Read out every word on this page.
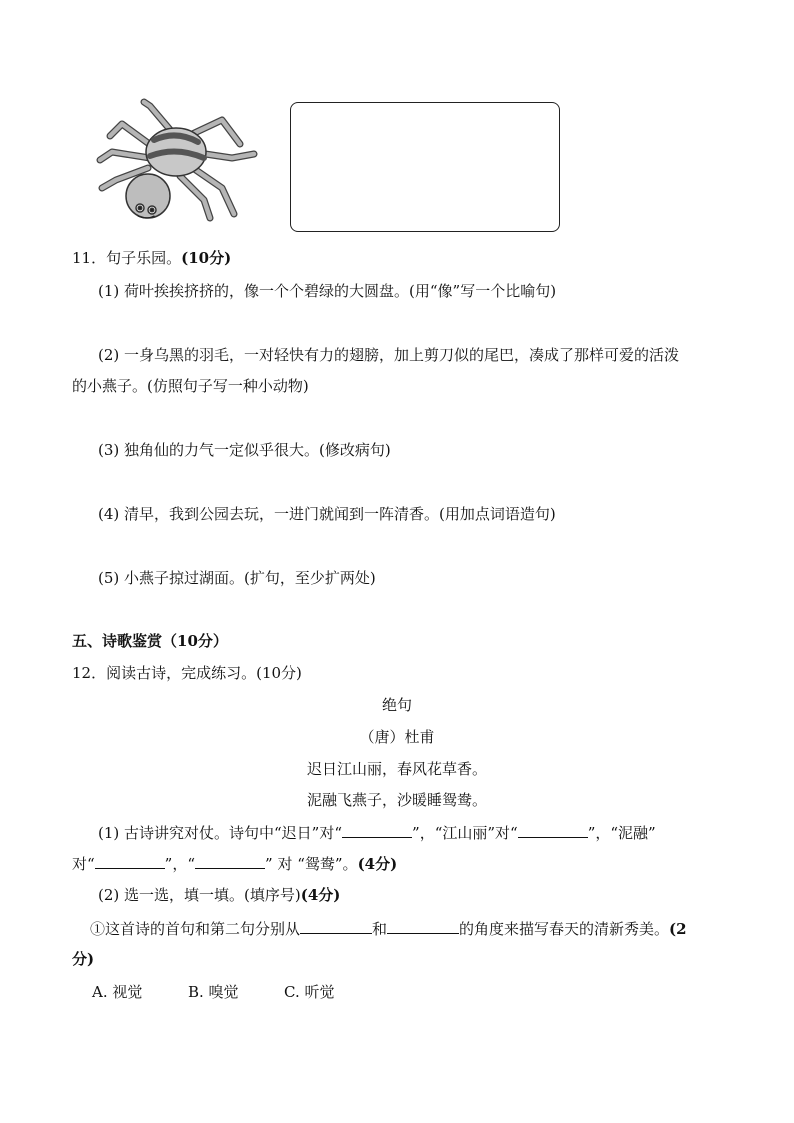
11．句子乐园。(10分)
(1) 荷叶挨挨挤挤的，像一个个碧绿的大圆盘。(用“像”写一个比喻句)
(2) 一身乌黑的羽毛，一对轻快有力的翅膀，加上剪刀似的尾巴，凑成了那样可爱的活泼
的小燕子。(仿照句子写一种小动物)
(3) 独角仙的力气一定似乎很大。(修改病句)
(4) 清早，我到公园去玩，一进门就闻到一阵清香。(用加点词语造句)
(5) 小燕子掠过湖面。(扩句，至少扩两处)
五、诗歌鉴赏（10分）
12．阅读古诗，完成练习。(10分)
绝句
（唐）杜甫
迟日江山丽，春风花草香。
泥融飞燕子，沙暖睡鸳鸯。
(1) 古诗讲究对仗。诗句中“迟日”对“	”，“江山丽”对“	”，“泥融”
对“	”，“	” 对 “鸳鸯”。(4分)
(2) 选一选，填一填。(填序号)(4分)
①这首诗的首句和第二句分别从	和	的角度来描写春天的清新秀美。(2
分)
A. 视觉	B. 嗅觉	C. 听觉
